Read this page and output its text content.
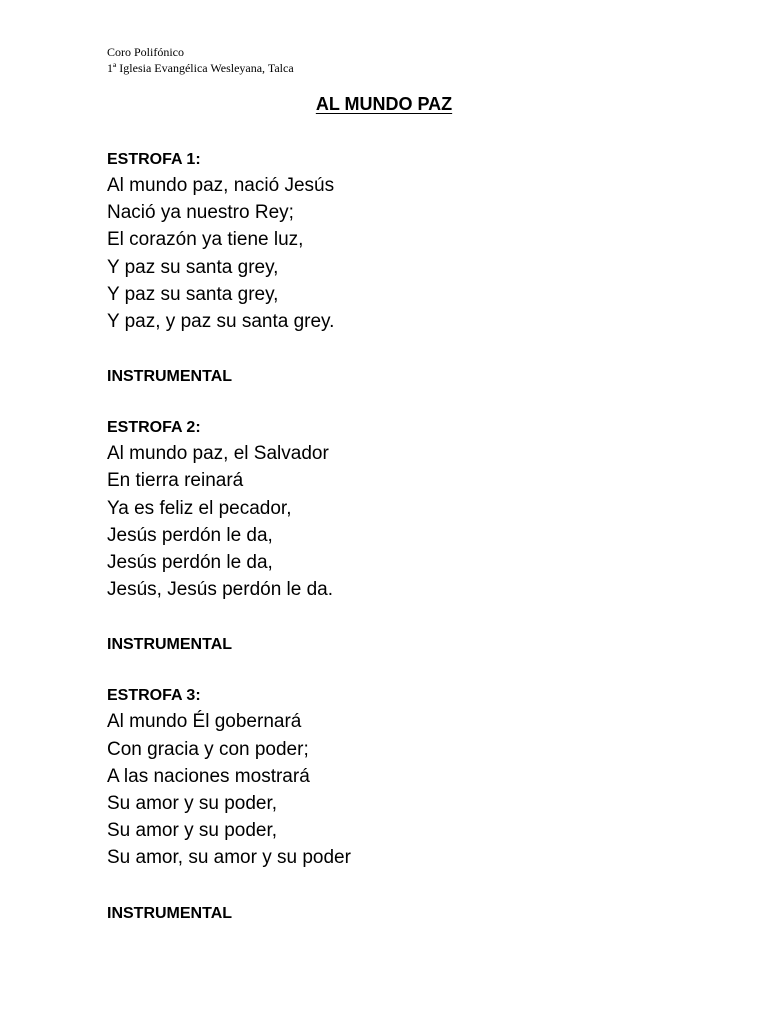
Coro Polifónico
1ª Iglesia Evangélica Wesleyana, Talca
AL MUNDO PAZ

ESTROFA 1:

Al mundo paz, nació Jesús
Nació ya nuestro Rey;
El corazón ya tiene luz,
Y paz su santa grey,
Y paz su santa grey,
Y paz, y paz su santa grey.

INSTRUMENTAL

ESTROFA 2:

Al mundo paz, el Salvador
En tierra reinará
Ya es feliz el pecador,
Jesús perdón le da,
Jesús perdón le da,
Jesús, Jesús perdón le da.

INSTRUMENTAL

ESTROFA 3:

Al mundo Él gobernará
Con gracia y con poder;
A las naciones mostrará
Su amor y su poder,
Su amor y su poder,
Su amor, su amor y su poder

INSTRUMENTAL
